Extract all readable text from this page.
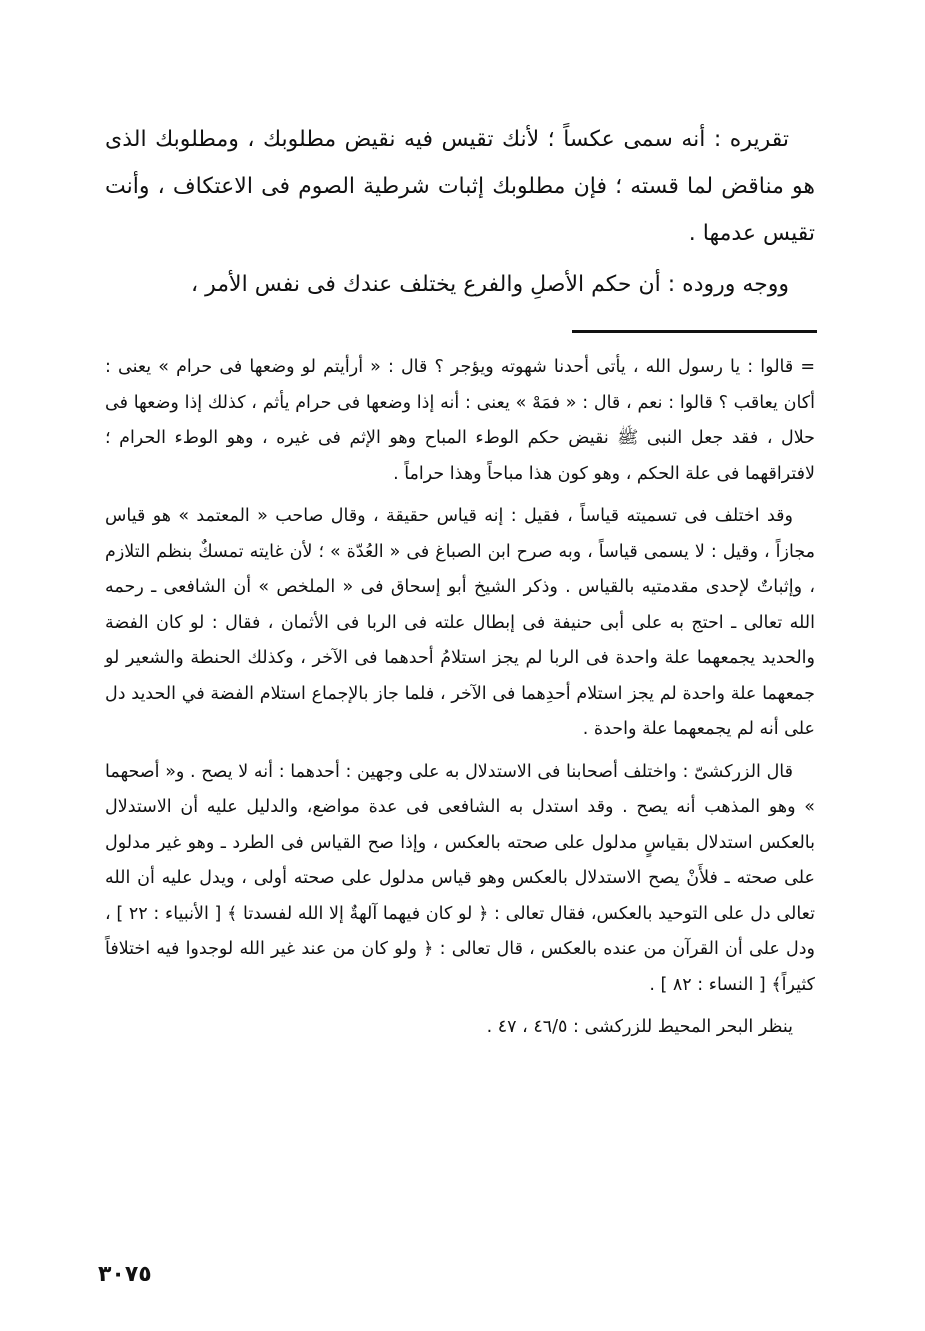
تقريره : أنه سمى عكساً ؛ لأنك تقيس فيه نقيض مطلوبك ، ومطلوبك الذى هو مناقض لما قسته ؛ فإن مطلوبك إثبات شرطية الصوم فى الاعتكاف ، وأنت تقيس عدمها .

ووجه وروده : أن حكم الأصلِ والفرع يختلف عندك فى نفس الأمر ،

= قالوا : يا رسول الله ، يأتى أحدنا شهوته ويؤجر ؟ قال : « أرأيتم لو وضعها فى حرام » يعنى : أكان يعاقب ؟ قالوا : نعم ، قال : « فمَهْ » يعنى : أنه إذا وضعها فى حرام يأثم ، كذلك إذا وضعها فى حلال ، فقد جعل النبى ﷺ نقيض حكم الوطء المباح وهو الإثم فى غيره ، وهو الوطء الحرام ؛ لافتراقهما فى علة الحكم ، وهو كون هذا مباحاً وهذا حراماً .

وقد اختلف فى تسميته قياساً ، فقيل : إنه قياس حقيقة ، وقال صاحب « المعتمد » هو قياس مجازاً ، وقيل : لا يسمى قياساً ، وبه صرح ابن الصباغ فى « العُدّة » ؛ لأن غايته تمسكٌ بنظم التلازم ، وإثباتٌ لإحدى مقدمتيه بالقياس . وذكر الشيخ أبو إسحاق فى « الملخص » أن الشافعى ـ رحمه الله تعالى ـ احتج به على أبى حنيفة فى إبطال علته فى الربا فى الأثمان ، فقال : لو كان الفضة والحديد يجمعهما علة واحدة فى الربا لم يجز استلامُ أحدهما فى الآخر ، وكذلك الحنطة والشعير لو جمعهما علة واحدة لم يجز استلام أحدِهما فى الآخر ، فلما جاز بالإجماع استلام الفضة في الحديد دل على أنه لم يجمعهما علة واحدة .

قال الزركشىّ : واختلف أصحابنا فى الاستدلال به على وجهين : أحدهما : أنه لا يصح . و« أصحهما » وهو المذهب أنه يصح . وقد استدل به الشافعى فى عدة مواضع، والدليل عليه أن الاستدلال بالعكس استدلال بقياسٍ مدلول على صحته بالعكس ، وإذا صح القياس فى الطرد ـ وهو غير مدلول على صحته ـ فلأَنْ يصح الاستدلال بالعكس وهو قياس مدلول على صحته أولى ، ويدل عليه أن الله تعالى دل على التوحيد بالعكس، فقال تعالى : ﴿ لو كان فيهما آلهةٌ إلا الله لفسدتا ﴾ [ الأنبياء : ٢٢ ] ، ودل على أن القرآن من عنده بالعكس ، قال تعالى : ﴿ ولو كان من عند غير الله لوجدوا فيه اختلافاً كثيراً﴾ [ النساء : ٨٢ ] .

ينظر البحر المحيط للزركشى : ٤٦/٥ ، ٤٧ .

٣٠٧٥
